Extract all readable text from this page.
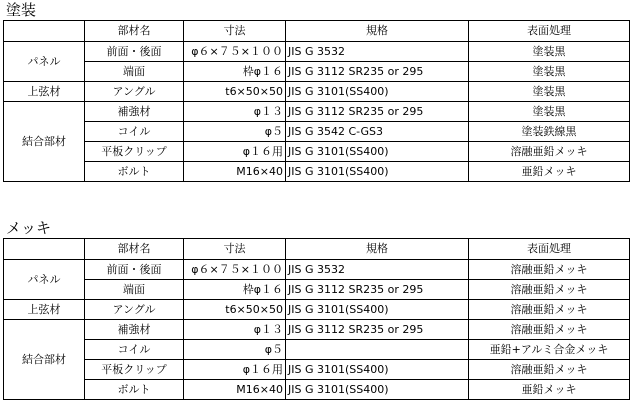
塗装
	部材名	寸法	規格	表面処理
パネル	前面・後面	φ６×７５×１００	JIS G 3532	塗装黒
	端面	枠φ１６	JIS G 3112 SR235 or 295	塗装黒
上弦材	アングル	t6×50×50	JIS G 3101(SS400)	塗装黒
結合部材	補強材	φ１３	JIS G 3112 SR235 or 295	塗装黒
	コイル	φ５	JIS G 3542 C-GS3	塗装鉄線黒
	平板クリップ	φ１６用	JIS G 3101(SS400)	溶融亜鉛メッキ
	ボルト	M16×40	JIS G 3101(SS400)	亜鉛メッキ
メッキ
	部材名	寸法	規格	表面処理
パネル	前面・後面	φ６×７５×１００	JIS G 3532	溶融亜鉛メッキ
	端面	枠φ１６	JIS G 3112 SR235 or 295	溶融亜鉛メッキ
上弦材	アングル	t6×50×50	JIS G 3101(SS400)	溶融亜鉛メッキ
結合部材	補強材	φ１３	JIS G 3112 SR235 or 295	溶融亜鉛メッキ
	コイル	φ５		亜鉛+アルミ合金メッキ
	平板クリップ	φ１６用	JIS G 3101(SS400)	溶融亜鉛メッキ
	ボルト	M16×40	JIS G 3101(SS400)	亜鉛メッキ
